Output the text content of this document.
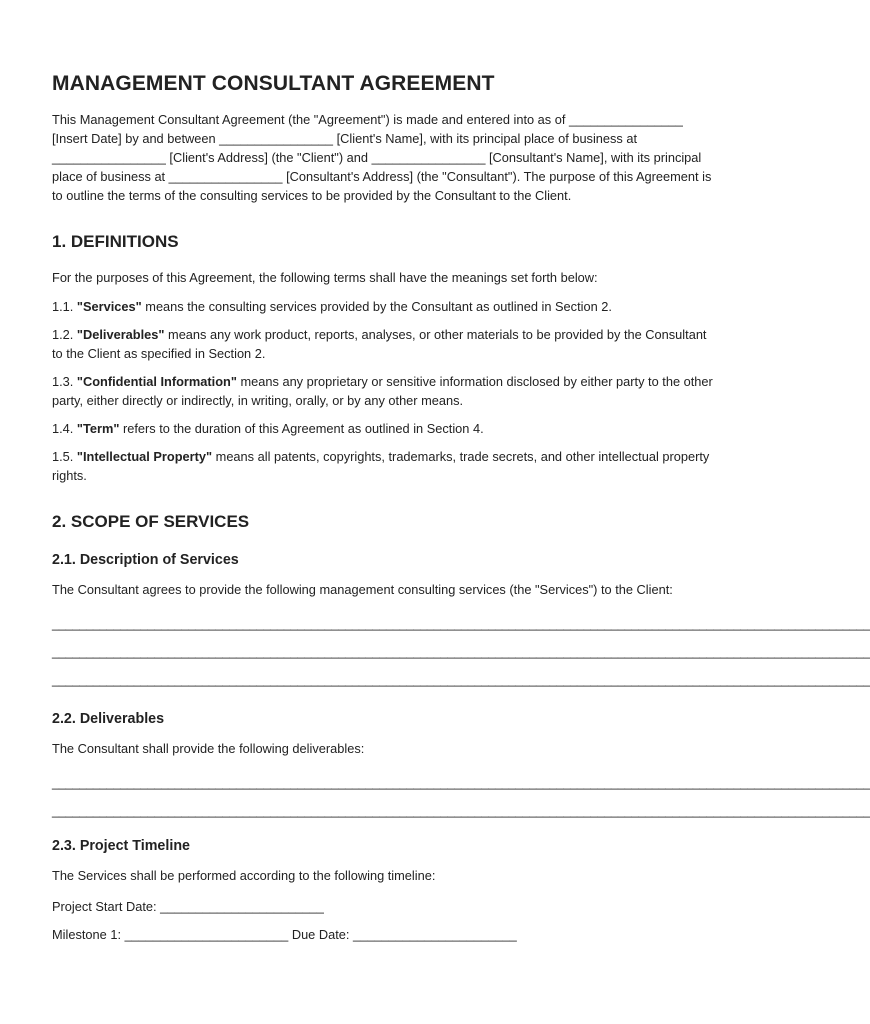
MANAGEMENT CONSULTANT AGREEMENT

This Management Consultant Agreement (the "Agreement") is made and entered into as of ________________ [Insert Date] by and between ________________ [Client's Name], with its principal place of business at ________________ [Client's Address] (the "Client") and ________________ [Consultant's Name], with its principal place of business at ________________ [Consultant's Address] (the "Consultant"). The purpose of this Agreement is to outline the terms of the consulting services to be provided by the Consultant to the Client.

1. DEFINITIONS

For the purposes of this Agreement, the following terms shall have the meanings set forth below:

1.1. "Services" means the consulting services provided by the Consultant as outlined in Section 2.

1.2. "Deliverables" means any work product, reports, analyses, or other materials to be provided by the Consultant to the Client as specified in Section 2.

1.3. "Confidential Information" means any proprietary or sensitive information disclosed by either party to the other party, either directly or indirectly, in writing, orally, or by any other means.

1.4. "Term" refers to the duration of this Agreement as outlined in Section 4.

1.5. "Intellectual Property" means all patents, copyrights, trademarks, trade secrets, and other intellectual property rights.

2. SCOPE OF SERVICES
2.1. Description of Services

The Consultant agrees to provide the following management consulting services (the "Services") to the Client:

________________________________________________________________________________________________________________________
________________________________________________________________________________________________________________________
________________________________________________________________________________________________________________________
2.2. Deliverables

The Consultant shall provide the following deliverables:

________________________________________________________________________________________________________________________
________________________________________________________________________________________________________________________
2.3. Project Timeline

The Services shall be performed according to the following timeline:

Project Start Date: _______________________
Milestone 1: _______________________ Due Date: _______________________
